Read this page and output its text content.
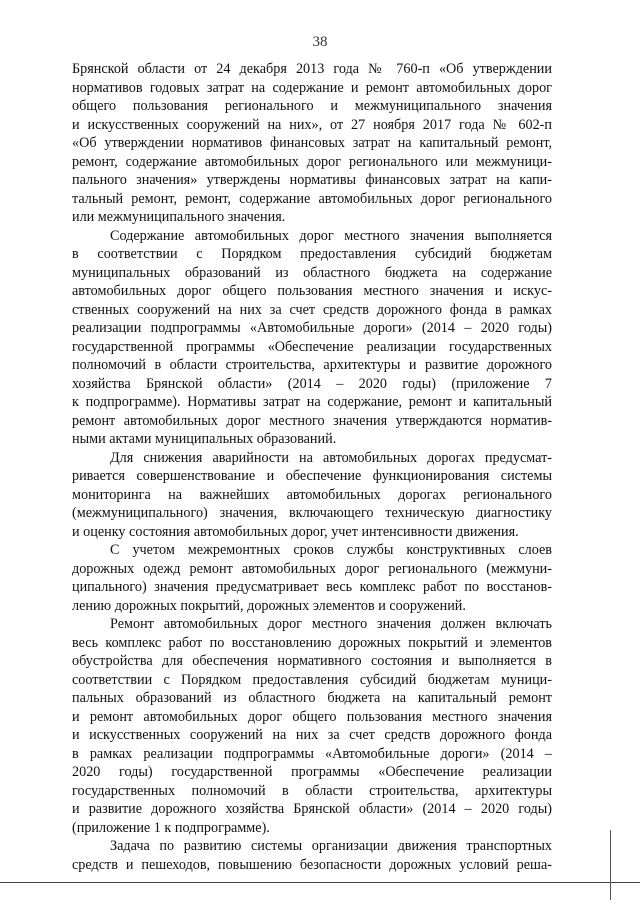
38
Брянской области от 24 декабря 2013 года № 760-п «Об утверждении
нормативов годовых затрат на содержание и ремонт автомобильных дорог
общего пользования регионального и межмуниципального значения
и искусственных сооружений на них», от 27 ноября 2017 года № 602-п
«Об утверждении нормативов финансовых затрат на капитальный ремонт,
ремонт, содержание автомобильных дорог регионального или межмуници-
пального значения» утверждены нормативы финансовых затрат на капи-
тальный ремонт, ремонт, содержание автомобильных дорог регионального
или межмуниципального значения.
Содержание автомобильных дорог местного значения выполняется
в соответствии с Порядком предоставления субсидий бюджетам
муниципальных образований из областного бюджета на содержание
автомобильных дорог общего пользования местного значения и искус-
ственных сооружений на них за счет средств дорожного фонда в рамках
реализации подпрограммы «Автомобильные дороги» (2014 – 2020 годы)
государственной программы «Обеспечение реализации государственных
полномочий в области строительства, архитектуры и развитие дорожного
хозяйства Брянской области» (2014 – 2020 годы) (приложение 7
к подпрограмме). Нормативы затрат на содержание, ремонт и капитальный
ремонт автомобильных дорог местного значения утверждаются норматив-
ными актами муниципальных образований.
Для снижения аварийности на автомобильных дорогах предусмат-
ривается совершенствование и обеспечение функционирования системы
мониторинга на важнейших автомобильных дорогах регионального
(межмуниципального) значения, включающего техническую диагностику
и оценку состояния автомобильных дорог, учет интенсивности движения.
С учетом межремонтных сроков службы конструктивных слоев
дорожных одежд ремонт автомобильных дорог регионального (межмуни-
ципального) значения предусматривает весь комплекс работ по восстанов-
лению дорожных покрытий, дорожных элементов и сооружений.
Ремонт автомобильных дорог местного значения должен включать
весь комплекс работ по восстановлению дорожных покрытий и элементов
обустройства для обеспечения нормативного состояния и выполняется в
соответствии с Порядком предоставления субсидий бюджетам муници-
пальных образований из областного бюджета на капитальный ремонт
и ремонт автомобильных дорог общего пользования местного значения
и искусственных сооружений на них за счет средств дорожного фонда
в рамках реализации подпрограммы «Автомобильные дороги» (2014 –
2020 годы) государственной программы «Обеспечение реализации
государственных полномочий в области строительства, архитектуры
и развитие дорожного хозяйства Брянской области» (2014 – 2020 годы)
(приложение 1 к подпрограмме).
Задача по развитию системы организации движения транспортных
средств и пешеходов, повышению безопасности дорожных условий реша-
